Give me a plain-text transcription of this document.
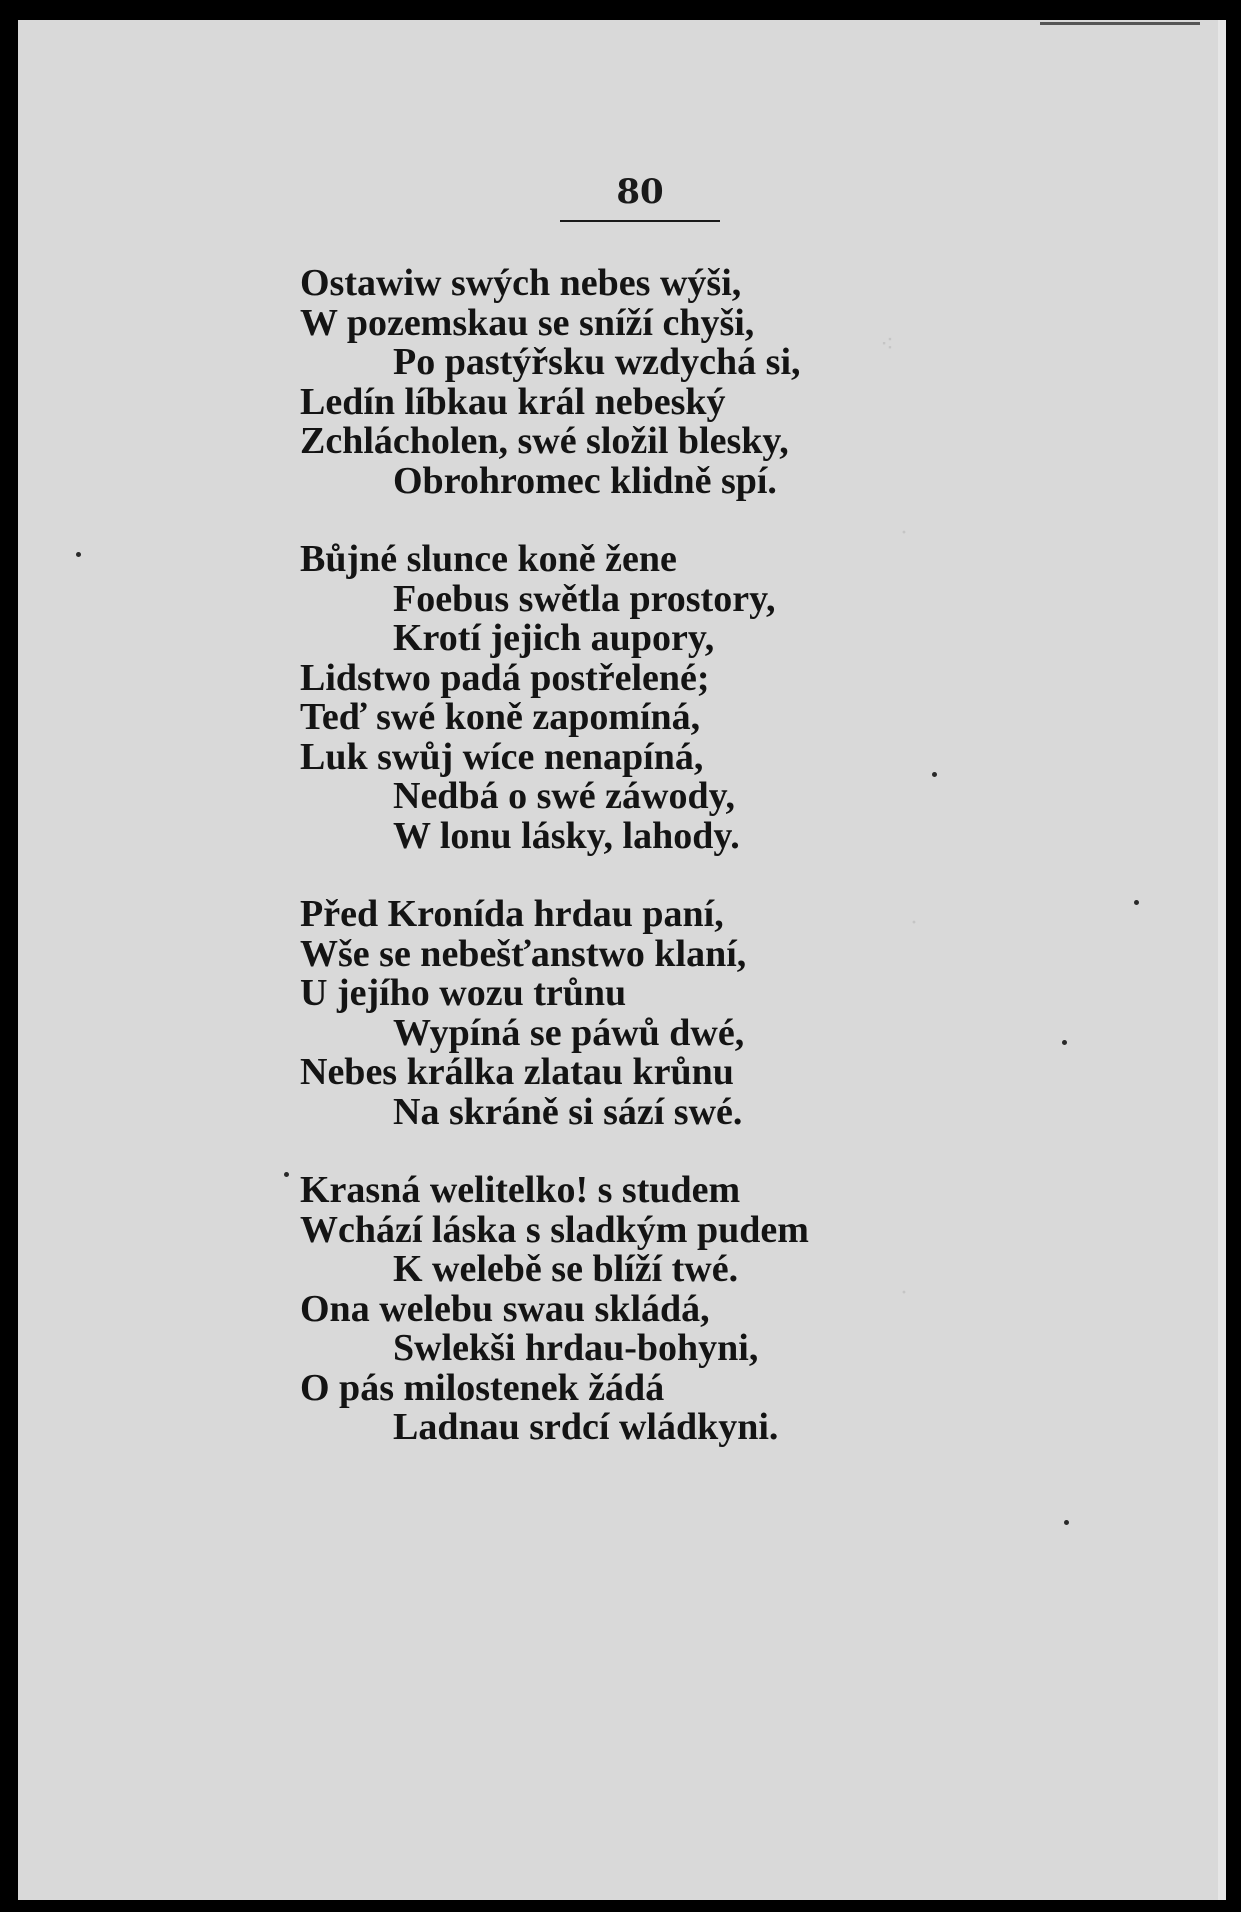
⁖
·
·
·
80
Ostawiw swých nebes wýši,
W pozemskau se sníží chyši,
Po pastýřsku wzdychá si,
Ledín líbkau král nebeský
Zchlácholen, swé složil blesky,
Obrohromec klidně spí.
Bůjné slunce koně žene
Foebus swětla prostory,
Krotí jejich aupory,
Lidstwo padá postřelené;
Teď swé koně zapomíná,
Luk swůj wíce nenapíná,
Nedbá o swé záwody,
W lonu lásky, lahody.
Před Kronída hrdau paní,
Wše se nebešťanstwo klaní,
U jejího wozu trůnu
Wypíná se páwů dwé,
Nebes králka zlatau krůnu
Na skráně si sází swé.
Krasná welitelko! s studem
Wchází láska s sladkým pudem
K welebě se blíží twé.
Ona welebu swau skládá,
Swlekši hrdau-bohyni,
O pás milostenek žádá
Ladnau srdcí wládkyni.
